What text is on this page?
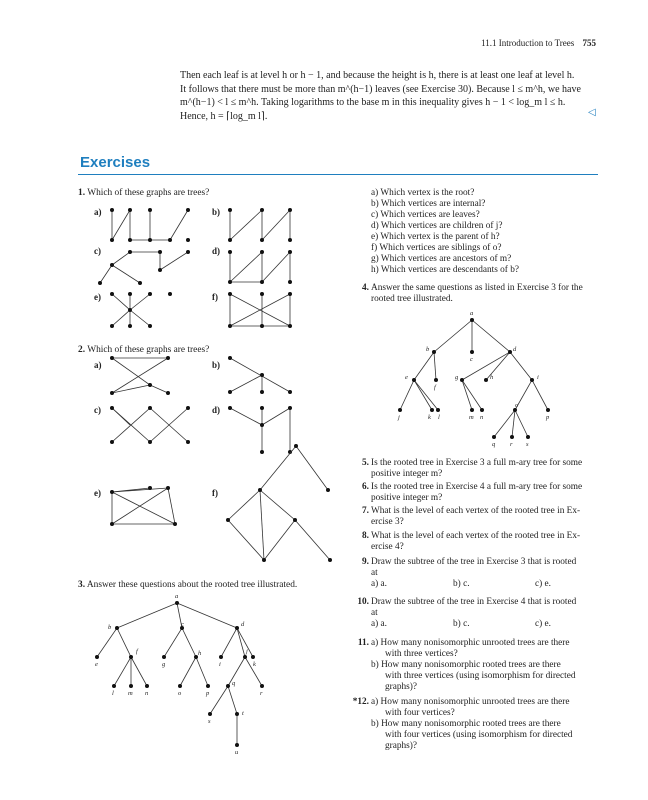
11.1 Introduction to Trees 755

Then each leaf is at level h or h − 1, and because the height is h, there is at least one leaf at level h.

It follows that there must be more than m^(h−1) leaves (see Exercise 30). Because l ≤ m^h, we have

m^(h−1) < l ≤ m^h. Taking logarithms to the base m in this inequality gives h − 1 < log_m l ≤ h.

Hence, h = ⌈log_m l⌉.	◁
Exercises
1. Which of these graphs are trees?
a)	b)
c)	d)
e)	f)
2. Which of these graphs are trees?
a)	b)
c)	d)
e)	f)
3. Answer these questions about the rooted tree illustrated.
a
b	c	d
e
f
g
h
i
j
k
l m n	o	p
q
r
s
t
u
a) Which vertex is the root?
b) Which vertices are internal?
c) Which vertices are leaves?
d) Which vertices are children of j?
e) Which vertex is the parent of h?
f) Which vertices are siblings of o?
g) Which vertices are ancestors of m?
h) Which vertices are descendants of b?
4. Answer the same questions as listed in Exercise 3 for the
rooted tree illustrated.
a
b
c
d
e
f
g	h	i
j	k l	m n
o
p
q r s
5. Is the rooted tree in Exercise 3 a full m-ary tree for some
positive integer m?
6. Is the rooted tree in Exercise 4 a full m-ary tree for some
positive integer m?
7. What is the level of each vertex of the rooted tree in Ex-
ercise 3?
8. What is the level of each vertex of the rooted tree in Ex-
ercise 4?
9. Draw the subtree of the tree in Exercise 3 that is rooted
at
a) a.	b) c.	c) e.
10. Draw the subtree of the tree in Exercise 4 that is rooted
at
a) a.	b) c.	c) e.
11. a) How many nonisomorphic unrooted trees are there
with three vertices?
b) How many nonisomorphic rooted trees are there
with three vertices (using isomorphism for directed
graphs)?
*12. a) How many nonisomorphic unrooted trees are there
with four vertices?
b) How many nonisomorphic rooted trees are there
with four vertices (using isomorphism for directed
graphs)?
